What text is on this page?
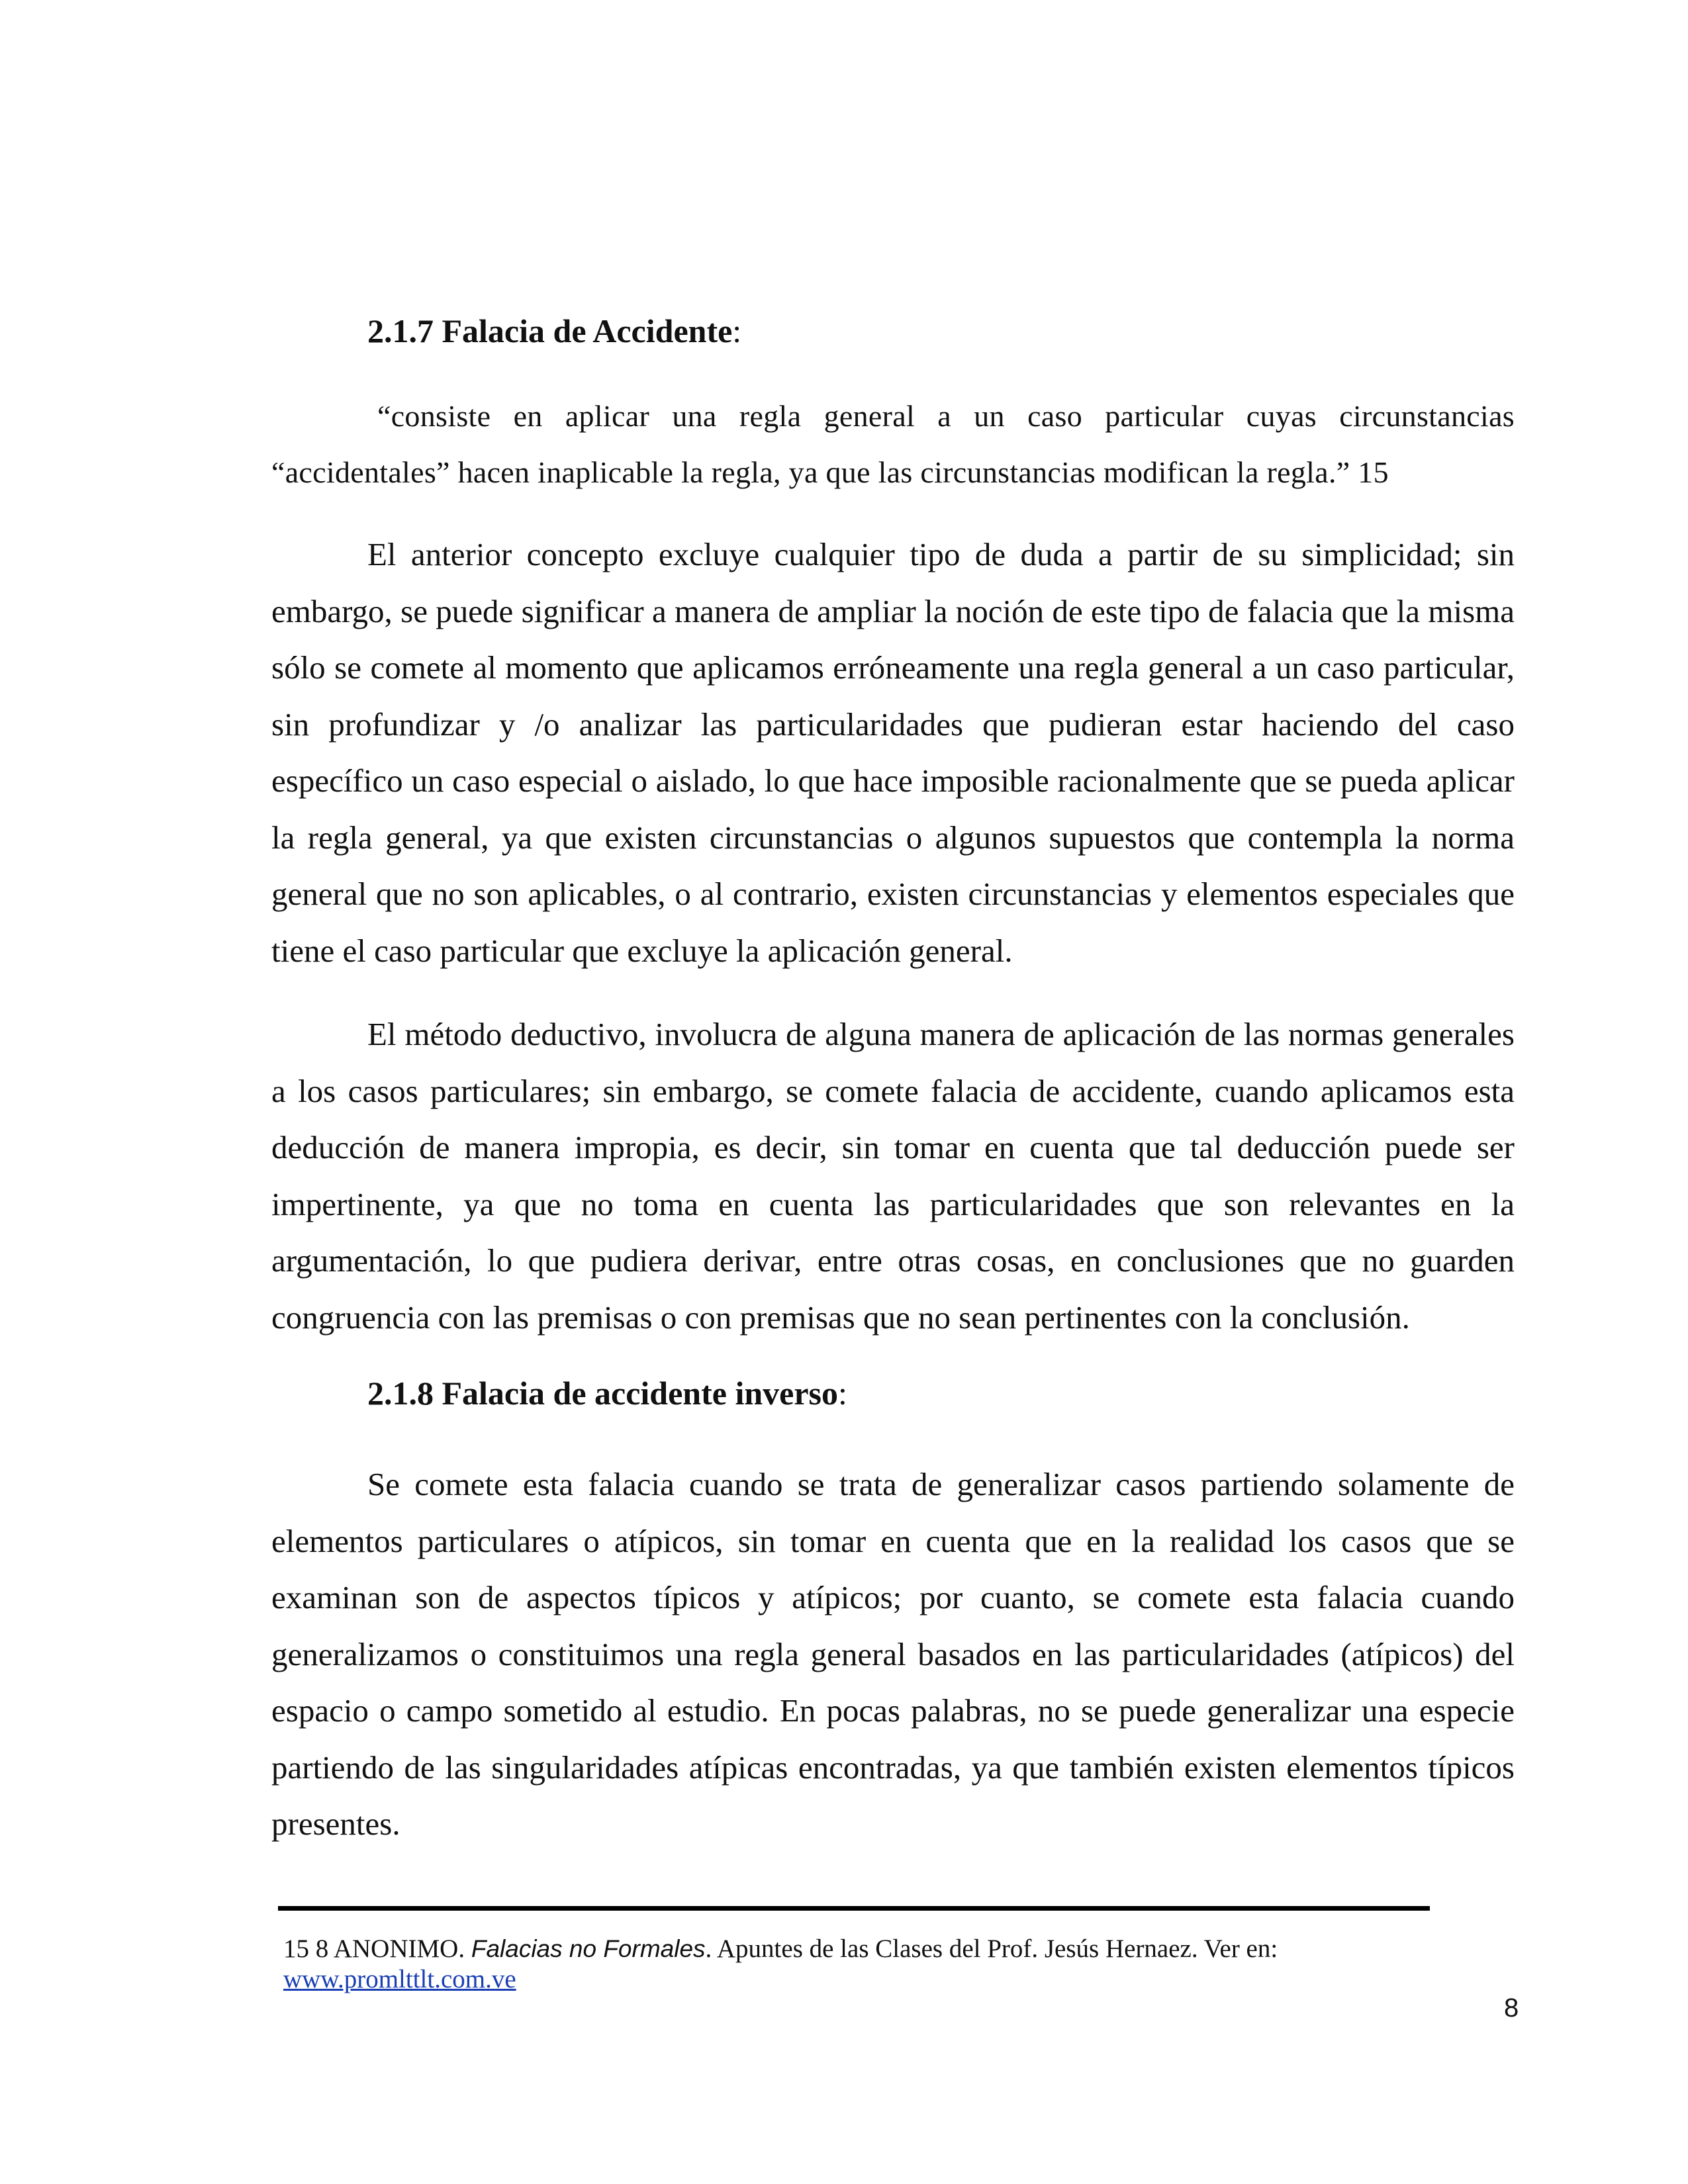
2.1.7 Falacia de Accidente:

“consiste en aplicar una regla general a un caso particular cuyas circunstancias “accidentales” hacen inaplicable la regla, ya que las circunstancias modifican la regla.” 15

El anterior concepto excluye cualquier tipo de duda a partir de su simplicidad; sin embargo, se puede significar a manera de ampliar la noción de este tipo de falacia que la misma sólo se comete al momento que aplicamos erróneamente una regla general a un caso particular, sin profundizar y /o analizar las particularidades que pudieran estar haciendo del caso específico un caso especial o aislado, lo que hace imposible racionalmente que se pueda aplicar la regla general, ya que existen circunstancias o algunos supuestos que contempla la norma general que no son aplicables, o al contrario, existen circunstancias y elementos especiales que tiene el caso particular que excluye la aplicación general.

El método deductivo, involucra de alguna manera de aplicación de las normas generales a los casos particulares; sin embargo, se comete falacia de accidente, cuando aplicamos esta deducción de manera impropia, es decir, sin tomar en cuenta que tal deducción puede ser impertinente, ya que no toma en cuenta las particularidades que son relevantes en la argumentación, lo que pudiera derivar, entre otras cosas, en conclusiones que no guarden congruencia con las premisas o con premisas que no sean pertinentes con la conclusión.

2.1.8 Falacia de accidente inverso:

Se comete esta falacia cuando se trata de generalizar casos partiendo solamente de elementos particulares o atípicos, sin tomar en cuenta que en la realidad los casos que se examinan son de aspectos típicos y atípicos; por cuanto, se comete esta falacia cuando generalizamos o constituimos una regla general basados en las particularidades (atípicos) del espacio o campo sometido al estudio. En pocas palabras, no se puede generalizar una especie partiendo de las singularidades atípicas encontradas, ya que también existen elementos típicos presentes.

15 8 ANONIMO. Falacias no Formales. Apuntes de las Clases del Prof. Jesús Hernaez. Ver en:
www.promlttlt.com.ve
8
